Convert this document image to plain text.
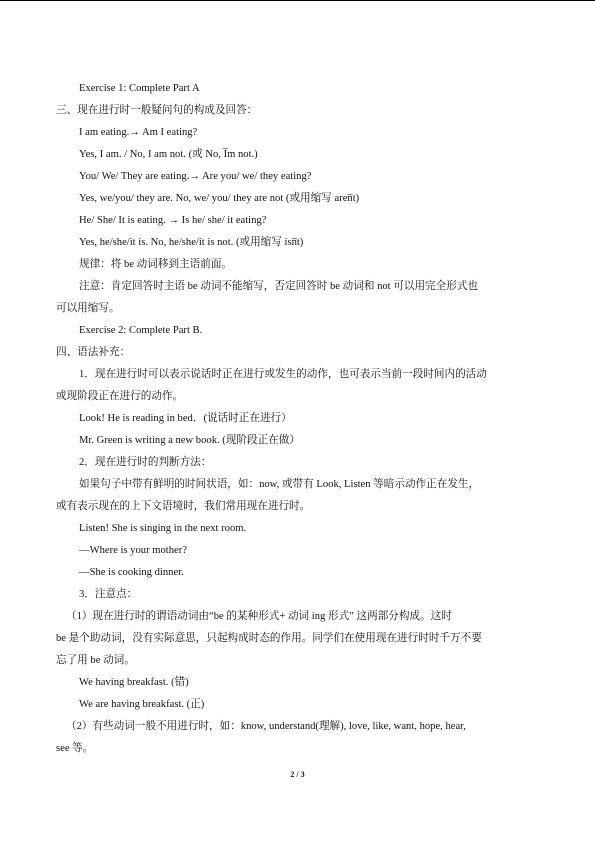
Exercise 1: Complete Part A
三、现在进行时一般疑问句的构成及回答：
I am eating.→ Am I eating?
Yes, I am. / No, I am not. (或 No, I̅m not.)
You/ We/ They are eating.→ Are you/ we/ they eating?
Yes, we/you/ they are. No, we/ you/ they are not (或用缩写 aren̅t)
He/ She/ It is eating. → Is he/ she/ it eating?
Yes, he/she/it is. No, he/she/it is not. (或用缩写 isn̅t)
规律：将 be 动词移到主语前面。
注意：肯定回答时主语 be 动词不能缩写，否定回答时 be 动词和 not 可以用完全形式也
可以用缩写。
Exercise 2: Complete Part B.
四、语法补充：
1．现在进行时可以表示说话时正在进行或发生的动作，也可表示当前一段时间内的活动
或现阶段正在进行的动作。
Look! He is reading in bed．(说话时正在进行）
Mr. Green is writing a new book. (现阶段正在做）
2．现在进行时的判断方法：
如果句子中带有鲜明的时间状语，如：now, 或带有 Look, Listen 等暗示动作正在发生，
或有表示现在的上下文语境时，我们常用现在进行时。
Listen! She is singing in the next room.
—Where is your mother?
—She is cooking dinner.
3．注意点：
（1）现在进行时的谓语动词由“be 的某种形式+ 动词 ing 形式” 这两部分构成。这时
be 是个助动词，没有实际意思，只起构成时态的作用。同学们在使用现在进行时时千万不要
忘了用 be 动词。
We having breakfast. (错)
We are having breakfast. (正)
（2）有些动词一般不用进行时，如：know, understand(理解), love, like, want, hope, hear,
see 等。
2 / 3
